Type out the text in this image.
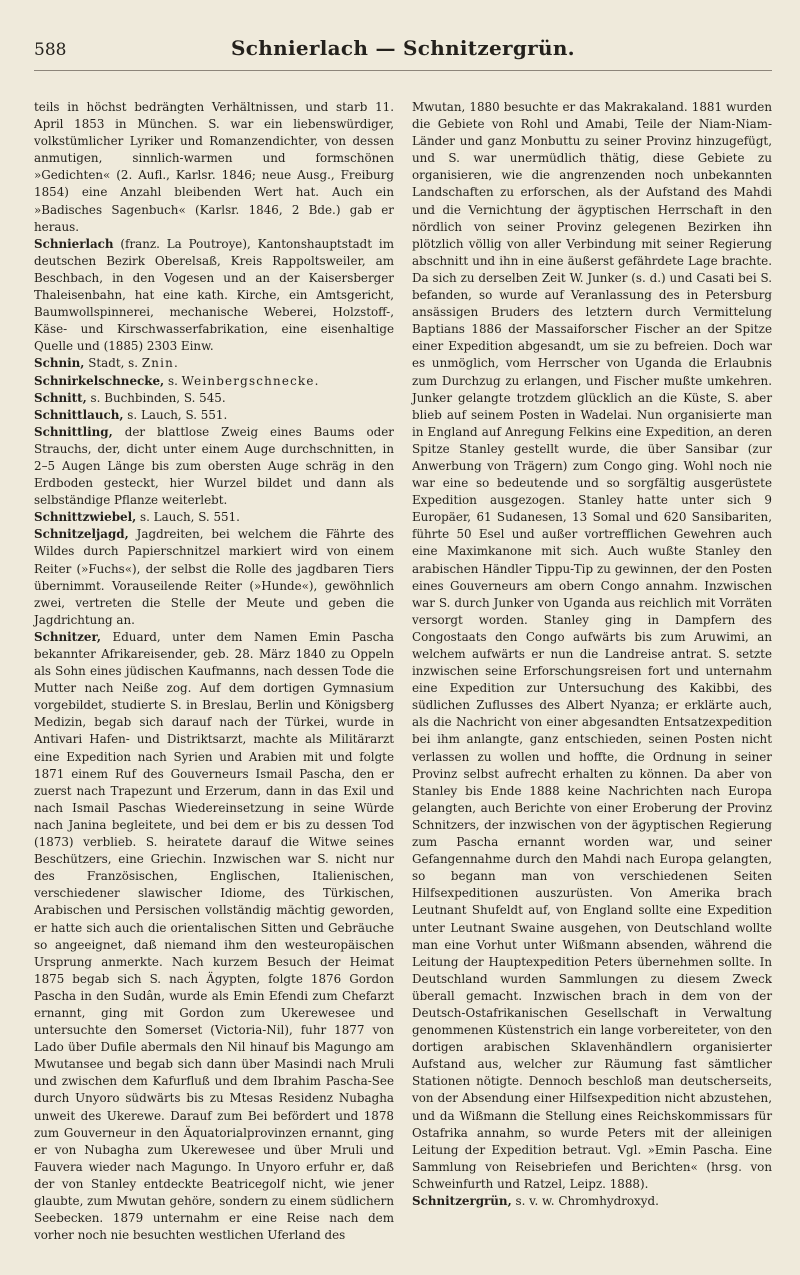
588	Schnierlach — Schnitzergrün.

teils in höchst bedrängten Verhältnissen, und starb 11. April 1853 in München. S. war ein liebenswürdiger, volkstümlicher Lyriker und Romanzendichter, von dessen anmutigen, sinnlich-warmen und formschönen »Gedichten« (2. Aufl., Karlsr. 1846; neue Ausg., Freiburg 1854) eine Anzahl bleibenden Wert hat. Auch ein »Badisches Sagenbuch« (Karlsr. 1846, 2 Bde.) gab er heraus.

Schnierlach (franz. La Poutroye), Kantonshauptstadt im deutschen Bezirk Oberelsaß, Kreis Rappoltsweiler, am Beschbach, in den Vogesen und an der Kaisersberger Thaleisenbahn, hat eine kath. Kirche, ein Amtsgericht, Baumwollspinnerei, mechanische Weberei, Holzstoff-, Käse- und Kirschwasserfabrikation, eine eisenhaltige Quelle und (1885) 2303 Einw.

Schnin, Stadt, s. Znin.

Schnirkelschnecke, s. Weinbergschnecke.

Schnitt, s. Buchbinden, S. 545.

Schnittlauch, s. Lauch, S. 551.

Schnittling, der blattlose Zweig eines Baums oder Strauchs, der, dicht unter einem Auge durchschnitten, in 2–5 Augen Länge bis zum obersten Auge schräg in den Erdboden gesteckt, hier Wurzel bildet und dann als selbständige Pflanze weiterlebt.

Schnittzwiebel, s. Lauch, S. 551.

Schnitzeljagd, Jagdreiten, bei welchem die Fährte des Wildes durch Papierschnitzel markiert wird von einem Reiter (»Fuchs«), der selbst die Rolle des jagdbaren Tiers übernimmt. Vorauseilende Reiter (»Hunde«), gewöhnlich zwei, vertreten die Stelle der Meute und geben die Jagdrichtung an.

Schnitzer, Eduard, unter dem Namen Emin Pascha bekannter Afrikareisender, geb. 28. März 1840 zu Oppeln als Sohn eines jüdischen Kaufmanns, nach dessen Tode die Mutter nach Neiße zog. Auf dem dortigen Gymnasium vorgebildet, studierte S. in Breslau, Berlin und Königsberg Medizin, begab sich darauf nach der Türkei, wurde in Antivari Hafen- und Distriktsarzt, machte als Militärarzt eine Expedition nach Syrien und Arabien mit und folgte 1871 einem Ruf des Gouverneurs Ismail Pascha, den er zuerst nach Trapezunt und Erzerum, dann in das Exil und nach Ismail Paschas Wiedereinsetzung in seine Würde nach Janina begleitete, und bei dem er bis zu dessen Tod (1873) verblieb. S. heiratete darauf die Witwe seines Beschützers, eine Griechin. Inzwischen war S. nicht nur des Französischen, Englischen, Italienischen, verschiedener slawischer Idiome, des Türkischen, Arabischen und Persischen vollständig mächtig geworden, er hatte sich auch die orientalischen Sitten und Gebräuche so angeeignet, daß niemand ihm den westeuropäischen Ursprung anmerkte. Nach kurzem Besuch der Heimat 1875 begab sich S. nach Ägypten, folgte 1876 Gordon Pascha in den Sudân, wurde als Emin Efendi zum Chefarzt ernannt, ging mit Gordon zum Ukerewesee und untersuchte den Somerset (Victoria-Nil), fuhr 1877 von Lado über Dufile abermals den Nil hinauf bis Magungo am Mwutansee und begab sich dann über Masindi nach Mruli und zwischen dem Kafurfluß und dem Ibrahim Pascha-See durch Unyoro südwärts bis zu Mtesas Residenz Nubagha unweit des Ukerewe. Darauf zum Bei befördert und 1878 zum Gouverneur in den Äquatorialprovinzen ernannt, ging er von Nubagha zum Ukerewesee und über Mruli und Fauvera wieder nach Magungo. In Unyoro erfuhr er, daß der von Stanley entdeckte Beatricegolf nicht, wie jener glaubte, zum Mwutan gehöre, sondern zu einem südlichern Seebecken. 1879 unternahm er eine Reise nach dem vorher noch nie besuchten westlichen Uferland des

Mwutan, 1880 besuchte er das Makrakaland. 1881 wurden die Gebiete von Rohl und Amabi, Teile der Niam-Niam-Länder und ganz Monbuttu zu seiner Provinz hinzugefügt, und S. war unermüdlich thätig, diese Gebiete zu organisieren, wie die angrenzenden noch unbekannten Landschaften zu erforschen, als der Aufstand des Mahdi und die Vernichtung der ägyptischen Herrschaft in den nördlich von seiner Provinz gelegenen Bezirken ihn plötzlich völlig von aller Verbindung mit seiner Regierung abschnitt und ihn in eine äußerst gefährdete Lage brachte. Da sich zu derselben Zeit W. Junker (s. d.) und Casati bei S. befanden, so wurde auf Veranlassung des in Petersburg ansässigen Bruders des letztern durch Vermittelung Baptians 1886 der Massaiforscher Fischer an der Spitze einer Expedition abgesandt, um sie zu befreien. Doch war es unmöglich, vom Herrscher von Uganda die Erlaubnis zum Durchzug zu erlangen, und Fischer mußte umkehren. Junker gelangte trotzdem glücklich an die Küste, S. aber blieb auf seinem Posten in Wadelai. Nun organisierte man in England auf Anregung Felkins eine Expedition, an deren Spitze Stanley gestellt wurde, die über Sansibar (zur Anwerbung von Trägern) zum Congo ging. Wohl noch nie war eine so bedeutende und so sorgfältig ausgerüstete Expedition ausgezogen. Stanley hatte unter sich 9 Europäer, 61 Sudanesen, 13 Somal und 620 Sansibariten, führte 50 Esel und außer vortrefflichen Gewehren auch eine Maximkanone mit sich. Auch wußte Stanley den arabischen Händler Tippu-Tip zu gewinnen, der den Posten eines Gouverneurs am obern Congo annahm. Inzwischen war S. durch Junker von Uganda aus reichlich mit Vorräten versorgt worden. Stanley ging in Dampfern des Congostaats den Congo aufwärts bis zum Aruwimi, an welchem aufwärts er nun die Landreise antrat. S. setzte inzwischen seine Erforschungsreisen fort und unternahm eine Expedition zur Untersuchung des Kakibbi, des südlichen Zuflusses des Albert Nyanza; er erklärte auch, als die Nachricht von einer abgesandten Entsatzexpedition bei ihm anlangte, ganz entschieden, seinen Posten nicht verlassen zu wollen und hoffte, die Ordnung in seiner Provinz selbst aufrecht erhalten zu können. Da aber von Stanley bis Ende 1888 keine Nachrichten nach Europa gelangten, auch Berichte von einer Eroberung der Provinz Schnitzers, der inzwischen von der ägyptischen Regierung zum Pascha ernannt worden war, und seiner Gefangennahme durch den Mahdi nach Europa gelangten, so begann man von verschiedenen Seiten Hilfsexpeditionen auszurüsten. Von Amerika brach Leutnant Shufeldt auf, von England sollte eine Expedition unter Leutnant Swaine ausgehen, von Deutschland wollte man eine Vorhut unter Wißmann absenden, während die Leitung der Hauptexpedition Peters übernehmen sollte. In Deutschland wurden Sammlungen zu diesem Zweck überall gemacht. Inzwischen brach in dem von der Deutsch-Ostafrikanischen Gesellschaft in Verwaltung genommenen Küstenstrich ein lange vorbereiteter, von den dortigen arabischen Sklavenhändlern organisierter Aufstand aus, welcher zur Räumung fast sämtlicher Stationen nötigte. Dennoch beschloß man deutscherseits, von der Absendung einer Hilfsexpedition nicht abzustehen, und da Wißmann die Stellung eines Reichskommissars für Ostafrika annahm, so wurde Peters mit der alleinigen Leitung der Expedition betraut. Vgl. »Emin Pascha. Eine Sammlung von Reisebriefen und Berichten« (hrsg. von Schweinfurth und Ratzel, Leipz. 1888).

Schnitzergrün, s. v. w. Chromhydroxyd.
